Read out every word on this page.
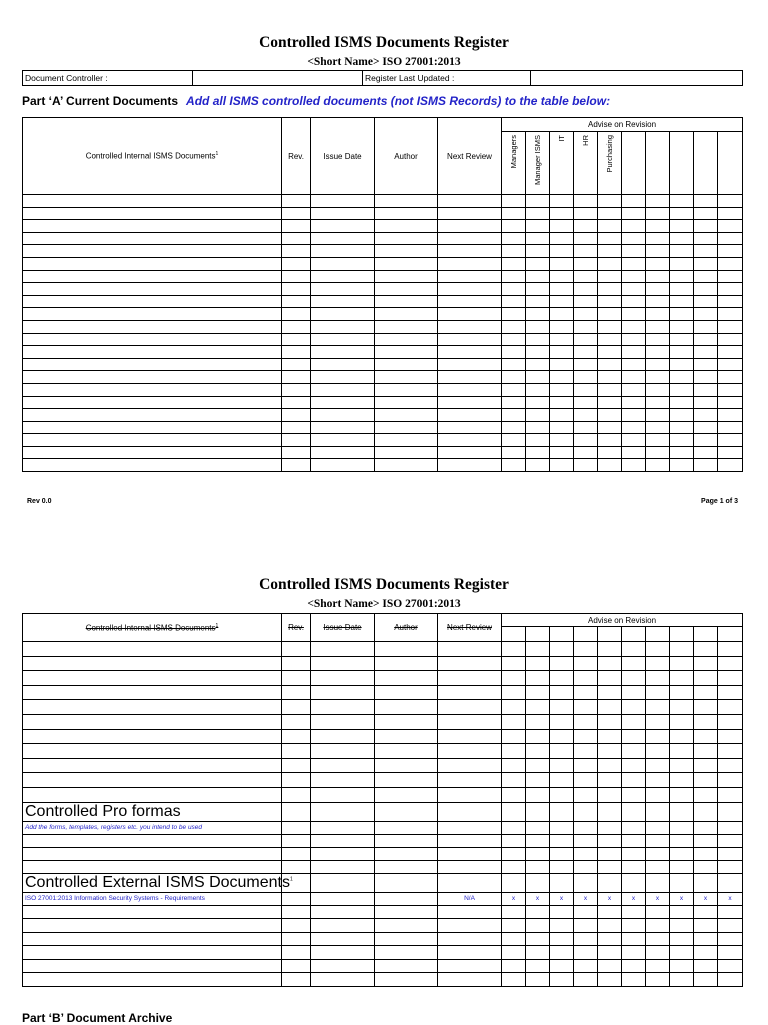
Controlled ISMS Documents Register
<Short Name> ISO 27001:2013
Document Controller :		Register Last Updated :	
Part ‘A’ Current Documents Add all ISMS controlled documents (not ISMS Records) to the table below:
Controlled Internal ISMS Documents$^1$	Rev.	Issue Date	Author	Next Review	Advise on Revision									
					Managers	Manager ISMS	IT	HR	Purchasing					

Rev 0.0	Page 1 of 3
Controlled ISMS Documents Register
<Short Name> ISO 27001:2013
Controlled Internal ISMS Documents$^1$	Rev.	Issue Date	Author	Next Review	Advise on Revision									

Controlled Pro formas														
Add the forms, templates, registers etc. you intend to be used														

Controlled External ISMS Documents$^1$														
ISO 27001:2013 Information Security Systems - Requirements				N/A	x	x	x	x	x	x	x	x	x	x

Part ‘B’ Document Archive
